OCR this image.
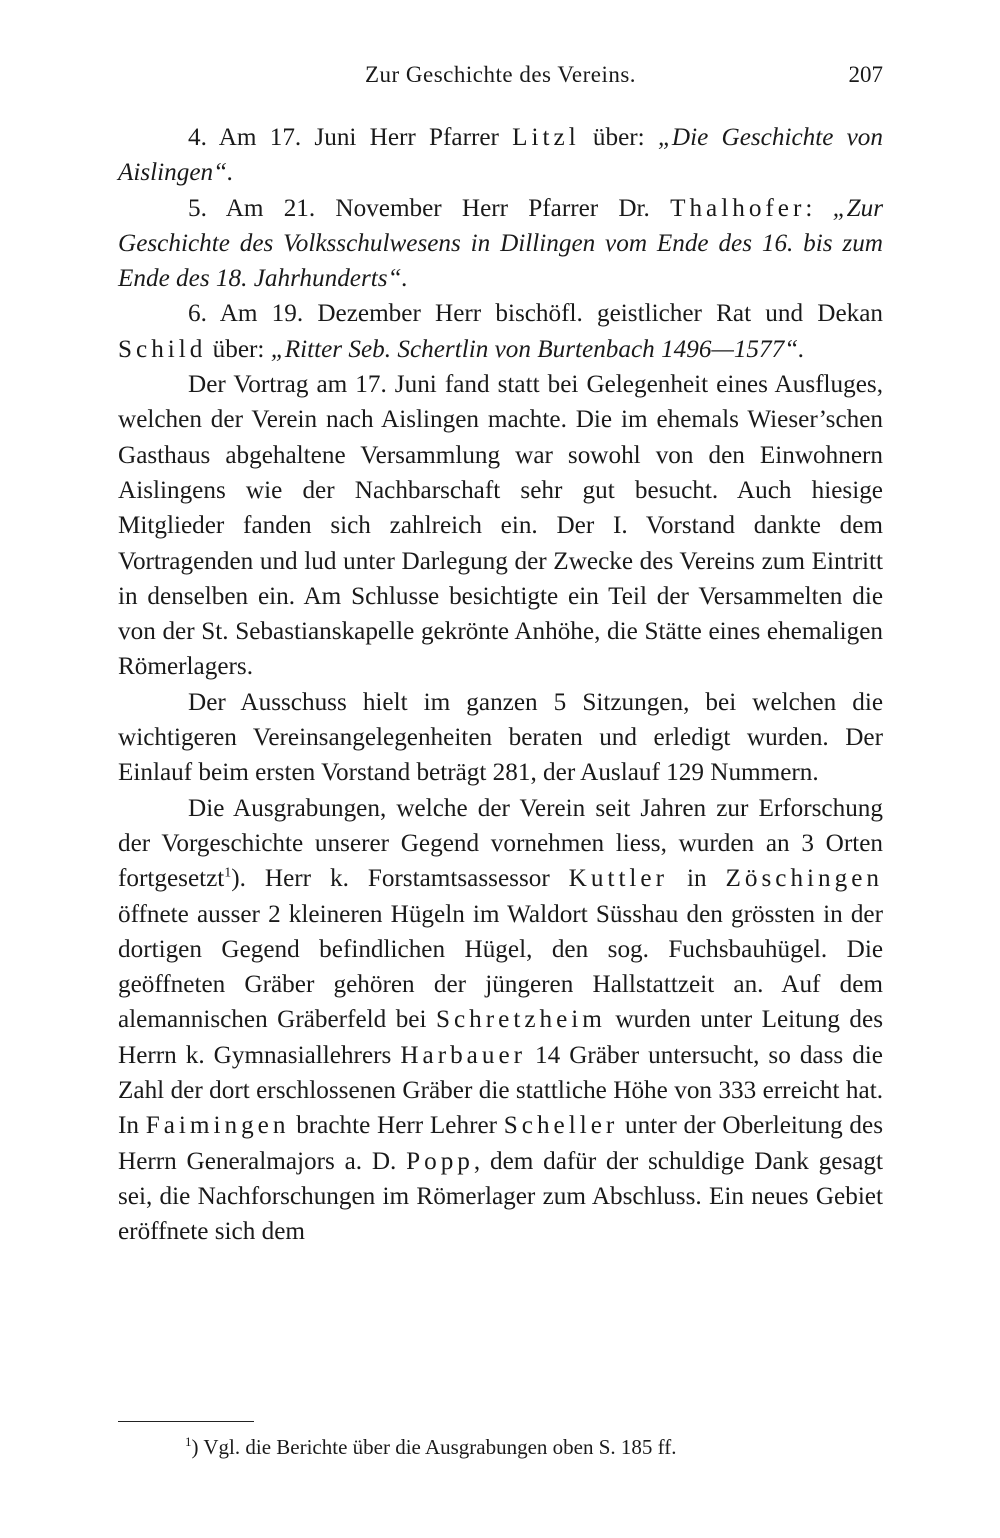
Zur Geschichte des Vereins.	207

4. Am 17. Juni Herr Pfarrer Litzl über: „Die Geschichte von Aislingen“.

5. Am 21. November Herr Pfarrer Dr. Thalhofer: „Zur Geschichte des Volksschulwesens in Dillingen vom Ende des 16. bis zum Ende des 18. Jahrhunderts“.

6. Am 19. Dezember Herr bischöfl. geistlicher Rat und Dekan Schild über: „Ritter Seb. Schertlin von Burtenbach 1496—1577“.

Der Vortrag am 17. Juni fand statt bei Gelegenheit eines Ausfluges, welchen der Verein nach Aislingen machte. Die im ehemals Wieser’schen Gasthaus abgehaltene Versammlung war sowohl von den Einwohnern Aislingens wie der Nachbarschaft sehr gut besucht. Auch hiesige Mitglieder fanden sich zahlreich ein. Der I. Vorstand dankte dem Vortragenden und lud unter Darlegung der Zwecke des Vereins zum Eintritt in denselben ein. Am Schlusse besichtigte ein Teil der Versammelten die von der St. Sebastianskapelle gekrönte Anhöhe, die Stätte eines ehemaligen Römerlagers.

Der Ausschuss hielt im ganzen 5 Sitzungen, bei welchen die wichtigeren Vereinsangelegenheiten beraten und erledigt wurden. Der Einlauf beim ersten Vorstand beträgt 281, der Auslauf 129 Nummern.

Die Ausgrabungen, welche der Verein seit Jahren zur Erforschung der Vorgeschichte unserer Gegend vornehmen liess, wurden an 3 Orten fortgesetzt$^1$). Herr k. Forstamtsassessor Kuttler in Zöschingen öffnete ausser 2 kleineren Hügeln im Waldort Süsshau den grössten in der dortigen Gegend befindlichen Hügel, den sog. Fuchsbauhügel. Die geöffneten Gräber gehören der jüngeren Hallstattzeit an. Auf dem alemannischen Gräberfeld bei Schretzheim wurden unter Leitung des Herrn k. Gymnasiallehrers Harbauer 14 Gräber untersucht, so dass die Zahl der dort erschlossenen Gräber die stattliche Höhe von 333 erreicht hat. In Faimingen brachte Herr Lehrer Scheller unter der Oberleitung des Herrn Generalmajors a. D. Popp, dem dafür der schuldige Dank gesagt sei, die Nachforschungen im Römerlager zum Abschluss. Ein neues Gebiet eröffnete sich dem

$^1$) Vgl. die Berichte über die Ausgrabungen oben S. 185 ff.
